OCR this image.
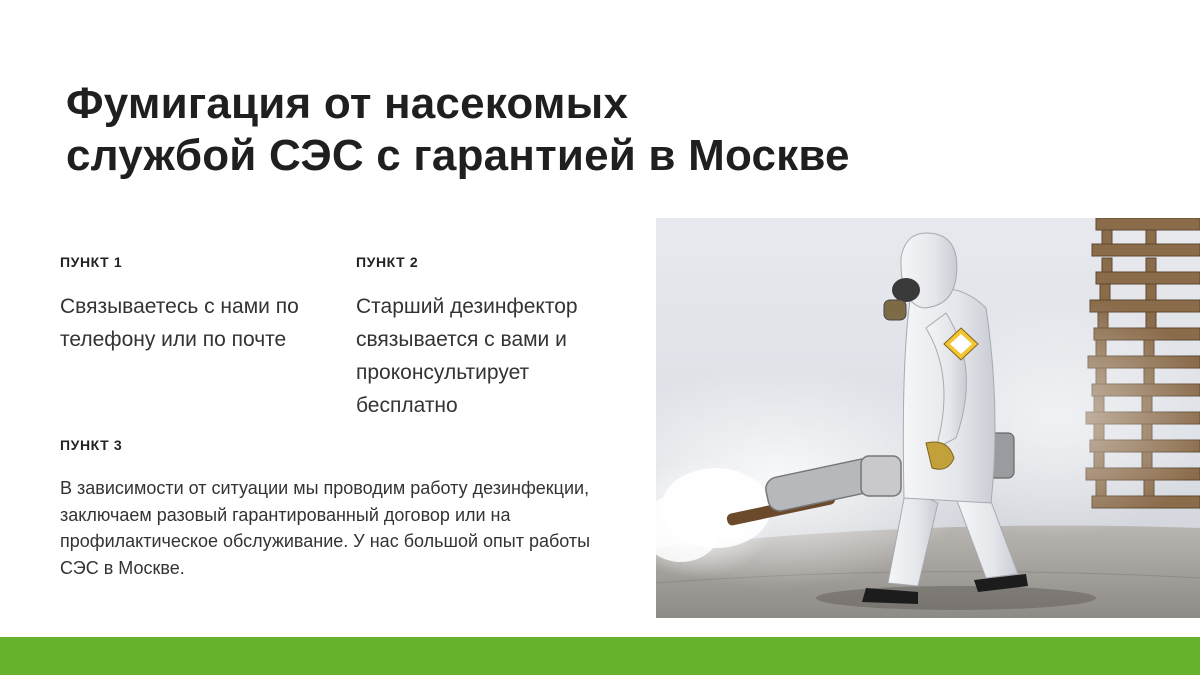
Фумигация от насекомых
службой СЭС с гарантией в Москве
ПУНКТ 1

Связываетесь с нами по телефону или по почте

ПУНКТ 2

Старший дезинфектор связывается с вами и проконсультирует бесплатно

ПУНКТ 3

В зависимости от ситуации мы проводим работу дезинфекции, заключаем разовый гарантированный договор или на профилактическое обслуживание. У нас большой опыт работы СЭС в Москве.
